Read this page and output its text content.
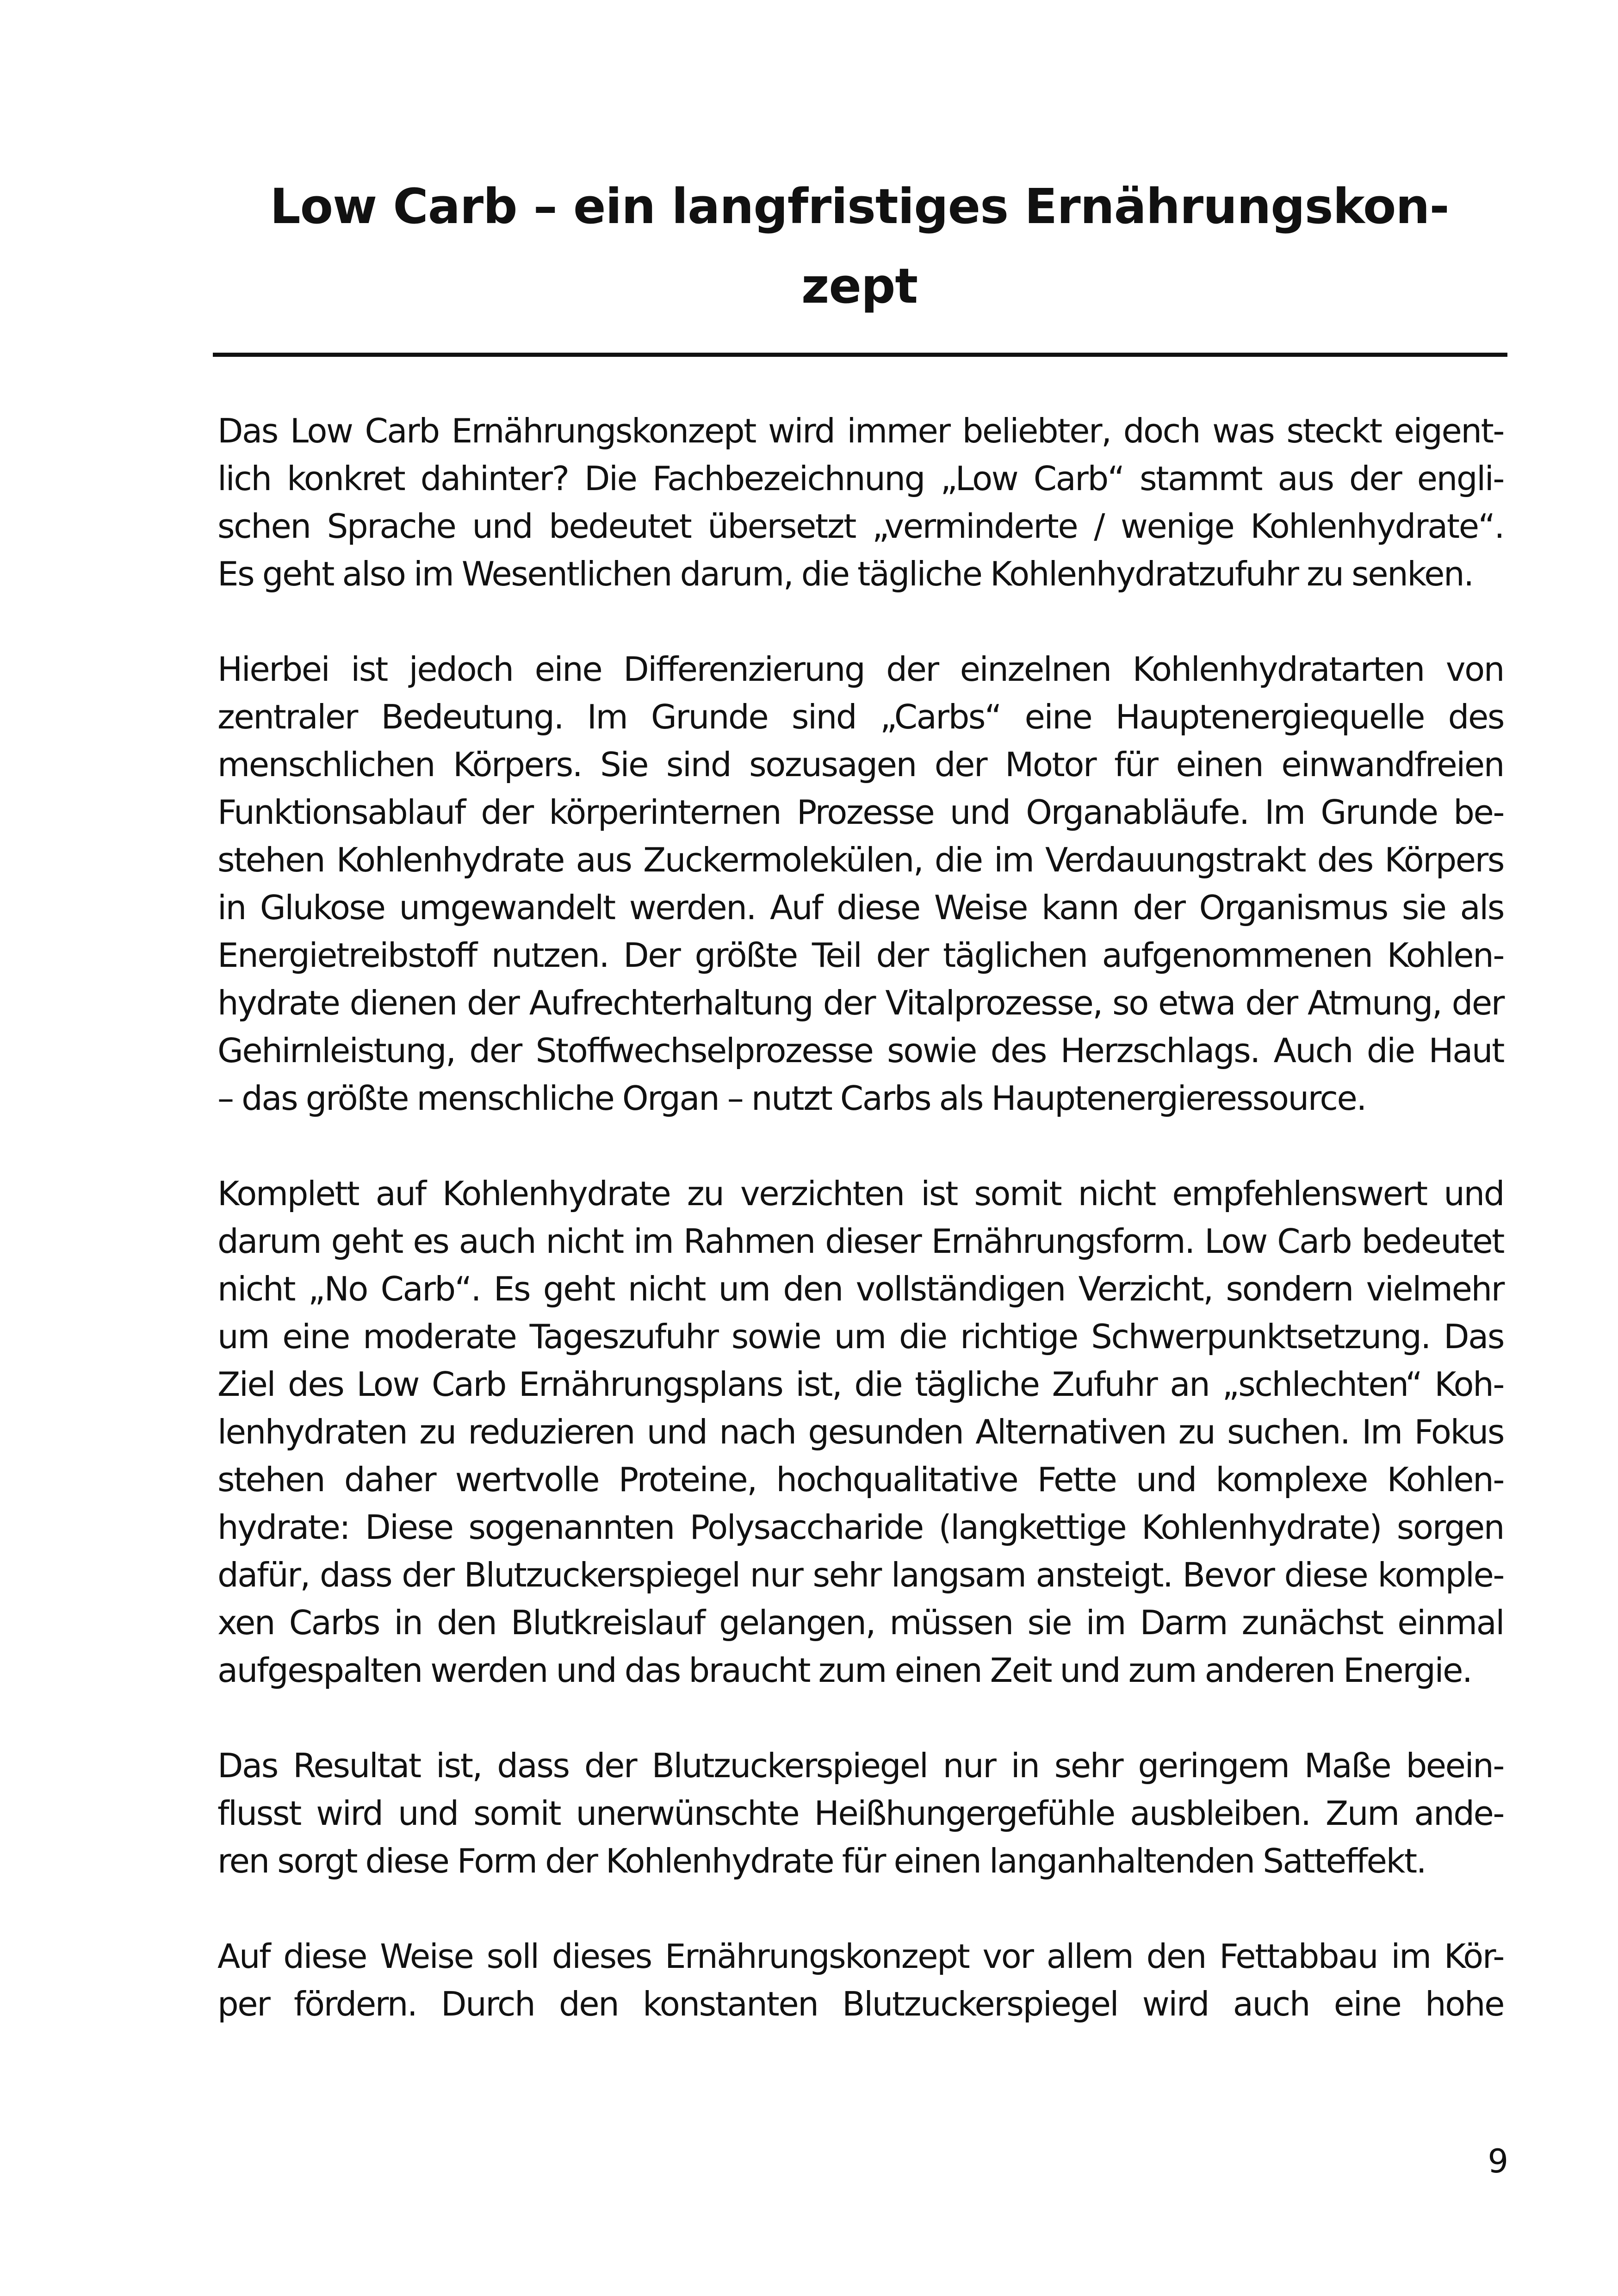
Low Carb – ein langfristiges Ernährungskon-
zept

Das Low Carb Ernährungskonzept wird immer beliebter, doch was steckt eigent-
lich konkret dahinter? Die Fachbezeichnung „Low Carb“ stammt aus der engli-
schen Sprache und bedeutet übersetzt „verminderte / wenige Kohlenhydrate“.
Es geht also im Wesentlichen darum, die tägliche Kohlenhydratzufuhr zu senken.

Hierbei ist jedoch eine Differenzierung der einzelnen Kohlenhydratarten von
zentraler Bedeutung. Im Grunde sind „Carbs“ eine Hauptenergiequelle des
menschlichen Körpers. Sie sind sozusagen der Motor für einen einwandfreien
Funktionsablauf der körperinternen Prozesse und Organabläufe. Im Grunde be-
stehen Kohlenhydrate aus Zuckermolekülen, die im Verdauungstrakt des Körpers
in Glukose umgewandelt werden. Auf diese Weise kann der Organismus sie als
Energietreibstoff nutzen. Der größte Teil der täglichen aufgenommenen Kohlen-
hydrate dienen der Aufrechterhaltung der Vitalprozesse, so etwa der Atmung, der
Gehirnleistung, der Stoffwechselprozesse sowie des Herzschlags. Auch die Haut
– das größte menschliche Organ – nutzt Carbs als Hauptenergieressource.

Komplett auf Kohlenhydrate zu verzichten ist somit nicht empfehlenswert und
darum geht es auch nicht im Rahmen dieser Ernährungsform. Low Carb bedeutet
nicht „No Carb“. Es geht nicht um den vollständigen Verzicht, sondern vielmehr
um eine moderate Tageszufuhr sowie um die richtige Schwerpunktsetzung. Das
Ziel des Low Carb Ernährungsplans ist, die tägliche Zufuhr an „schlechten“ Koh-
lenhydraten zu reduzieren und nach gesunden Alternativen zu suchen. Im Fokus
stehen daher wertvolle Proteine, hochqualitative Fette und komplexe Kohlen-
hydrate: Diese sogenannten Polysaccharide (langkettige Kohlenhydrate) sorgen
dafür, dass der Blutzuckerspiegel nur sehr langsam ansteigt. Bevor diese komple-
xen Carbs in den Blutkreislauf gelangen, müssen sie im Darm zunächst einmal
aufgespalten werden und das braucht zum einen Zeit und zum anderen Energie.

Das Resultat ist, dass der Blutzuckerspiegel nur in sehr geringem Maße beein-
flusst wird und somit unerwünschte Heißhungergefühle ausbleiben. Zum ande-
ren sorgt diese Form der Kohlenhydrate für einen langanhaltenden Satteffekt.

Auf diese Weise soll dieses Ernährungskonzept vor allem den Fettabbau im Kör-
per fördern. Durch den konstanten Blutzuckerspiegel wird auch eine hohe

9
